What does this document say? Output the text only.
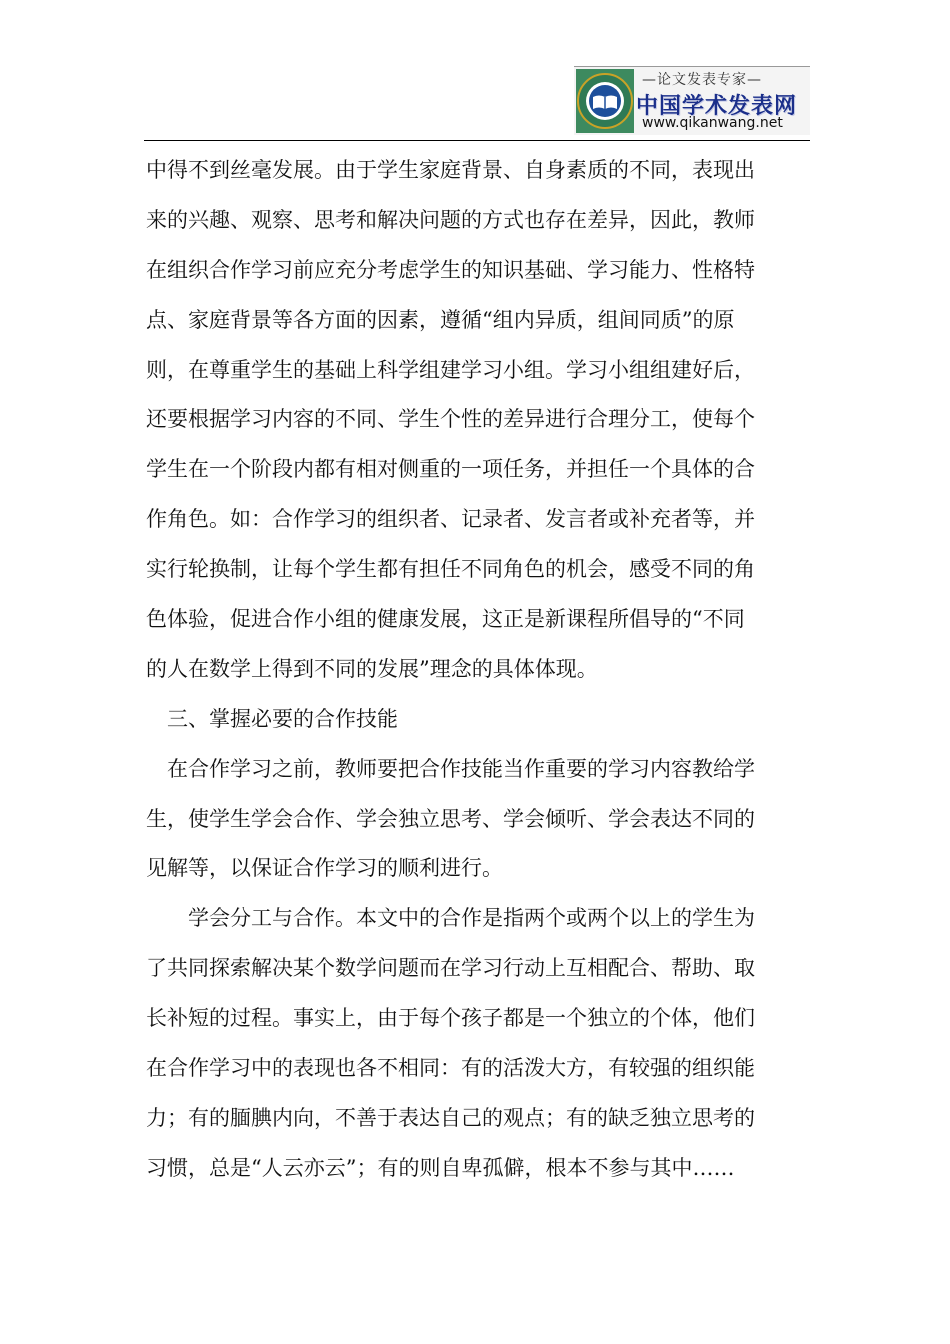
—论文发表专家—
中国学术发表网
www.qikanwang.net
中得不到丝毫发展。由于学生家庭背景、自身素质的不同，表现出
来的兴趣、观察、思考和解决问题的方式也存在差异，因此，教师
在组织合作学习前应充分考虑学生的知识基础、学习能力、性格特
点、家庭背景等各方面的因素，遵循“组内异质，组间同质”的原
则，在尊重学生的基础上科学组建学习小组。学习小组组建好后，
还要根据学习内容的不同、学生个性的差异进行合理分工，使每个
学生在一个阶段内都有相对侧重的一项任务，并担任一个具体的合
作角色。如：合作学习的组织者、记录者、发言者或补充者等，并
实行轮换制，让每个学生都有担任不同角色的机会，感受不同的角
色体验，促进合作小组的健康发展，这正是新课程所倡导的“不同
的人在数学上得到不同的发展”理念的具体体现。
　三、掌握必要的合作技能
　在合作学习之前，教师要把合作技能当作重要的学习内容教给学
生，使学生学会合作、学会独立思考、学会倾听、学会表达不同的
见解等，以保证合作学习的顺利进行。
　　学会分工与合作。本文中的合作是指两个或两个以上的学生为
了共同探索解决某个数学问题而在学习行动上互相配合、帮助、取
长补短的过程。事实上，由于每个孩子都是一个独立的个体，他们
在合作学习中的表现也各不相同：有的活泼大方，有较强的组织能
力；有的腼腆内向，不善于表达自己的观点；有的缺乏独立思考的
习惯，总是“人云亦云”；有的则自卑孤僻，根本不参与其中……
